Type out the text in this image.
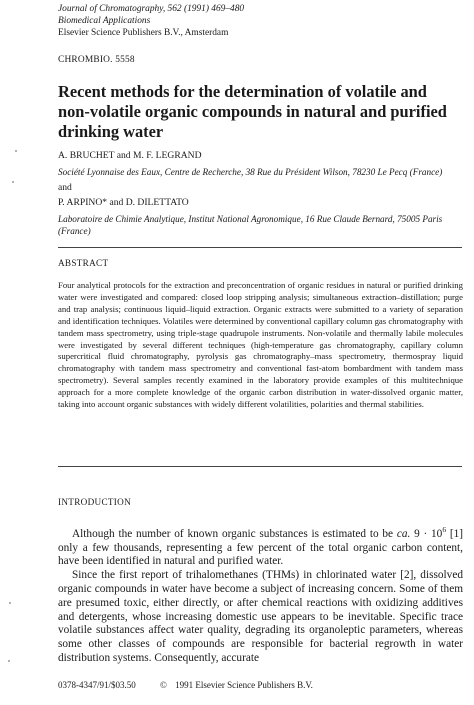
Journal of Chromatography, 562 (1991) 469–480
Biomedical Applications
Elsevier Science Publishers B.V., Amsterdam
CHROMBIO. 5558
Recent methods for the determination of volatile and non-volatile organic compounds in natural and purified drinking water
A. BRUCHET and M. F. LEGRAND
Société Lyonnaise des Eaux, Centre de Recherche, 38 Rue du Président Wilson, 78230 Le Pecq (France)
and
P. ARPINO* and D. DILETTATO
Laboratoire de Chimie Analytique, Institut National Agronomique, 16 Rue Claude Bernard, 75005 Paris (France)
ABSTRACT

Four analytical protocols for the extraction and preconcentration of organic residues in natural or purified drinking water were investigated and compared: closed loop stripping analysis; simultaneous extraction–distillation; purge and trap analysis; continuous liquid–liquid extraction. Organic extracts were submitted to a variety of separation and identification techniques. Volatiles were determined by conventional capillary column gas chromatography with tandem mass spectrometry, using triple-stage quadrupole instruments. Non-volatile and thermally labile molecules were investigated by several different techniques (high-temperature gas chromatography, capillary column supercritical fluid chromatography, pyrolysis gas chromatography–mass spectrometry, thermospray liquid chromatography with tandem mass spectrometry and conventional fast-atom bombardment with tandem mass spectrometry). Several samples recently examined in the laboratory provide examples of this multitechnique approach for a more complete knowledge of the organic carbon distribution in water-dissolved organic matter, taking into account organic substances with widely different volatilities, polarities and thermal stabilities.

INTRODUCTION

Although the number of known organic substances is estimated to be ca. $9 \cdot 10^6$ [1] only a few thousands, representing a few percent of the total organic carbon content, have been identified in natural and purified water.

Since the first report of trihalomethanes (THMs) in chlorinated water [2], dissolved organic compounds in water have become a subject of increasing concern. Some of them are presumed toxic, either directly, or after chemical reactions with oxidizing additives and detergents, whose increasing domestic use appears to be inevitable. Specific trace volatile substances affect water quality, degrading its organoleptic parameters, whereas some other classes of compounds are responsible for bacterial regrowth in water distribution systems. Consequently, accurate

0378-4347/91/$03.50	© 1991 Elsevier Science Publishers B.V.
